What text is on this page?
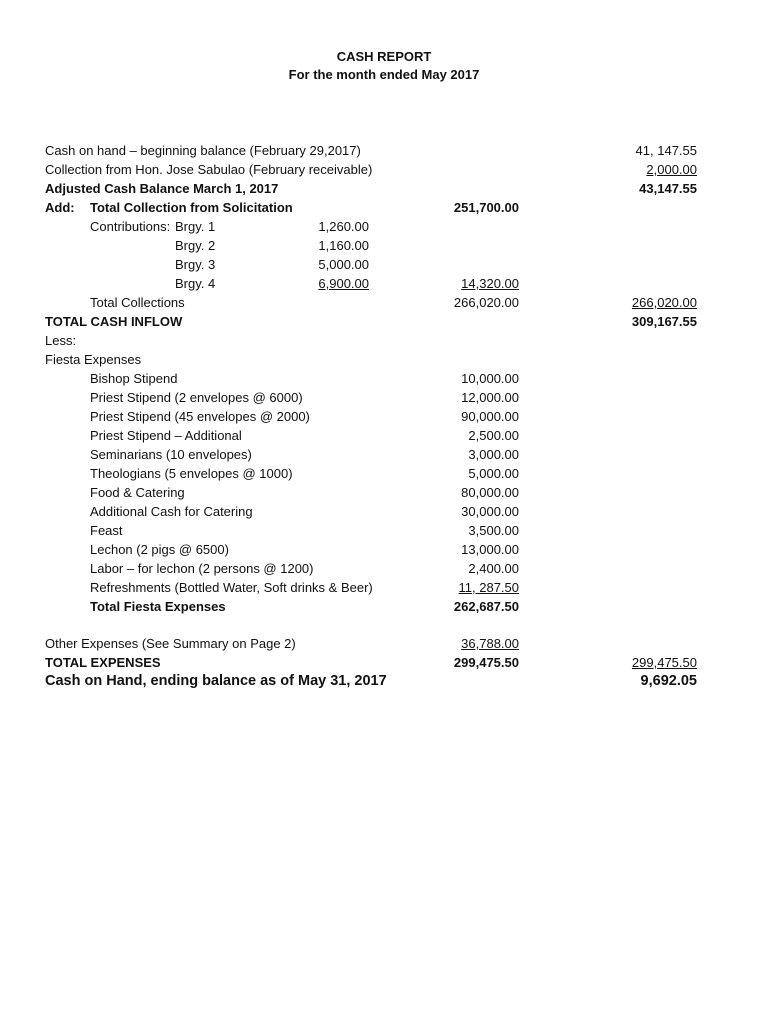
CASH REPORT
For the month ended May 2017
Cash on hand – beginning balance (February 29,2017)	41, 147.55
Collection from Hon. Jose Sabulao (February receivable)	2,000.00
Adjusted Cash Balance March 1, 2017	43,147.55
Add: Total Collection from Solicitation	251,700.00
Contributions: Brgy. 1	1,260.00
Brgy. 2	1,160.00
Brgy. 3	5,000.00
Brgy. 4	6,900.00	14,320.00
Total Collections	266,020.00	266,020.00
TOTAL CASH INFLOW	309,167.55
Less:
Fiesta Expenses
Bishop Stipend	10,000.00
Priest Stipend (2 envelopes @ 6000)	12,000.00
Priest Stipend (45 envelopes @ 2000)	90,000.00
Priest Stipend – Additional	2,500.00
Seminarians (10 envelopes)	3,000.00
Theologians (5 envelopes @ 1000)	5,000.00
Food & Catering	80,000.00
Additional Cash for Catering	30,000.00
Feast	3,500.00
Lechon (2 pigs @ 6500)	13,000.00
Labor – for lechon (2 persons @ 1200)	2,400.00
Refreshments (Bottled Water, Soft drinks & Beer)	11, 287.50
Total Fiesta Expenses	262,687.50
Other Expenses (See Summary on Page 2)	36,788.00
TOTAL EXPENSES	299,475.50	299,475.50
Cash on Hand, ending balance as of May 31, 2017	9,692.05
